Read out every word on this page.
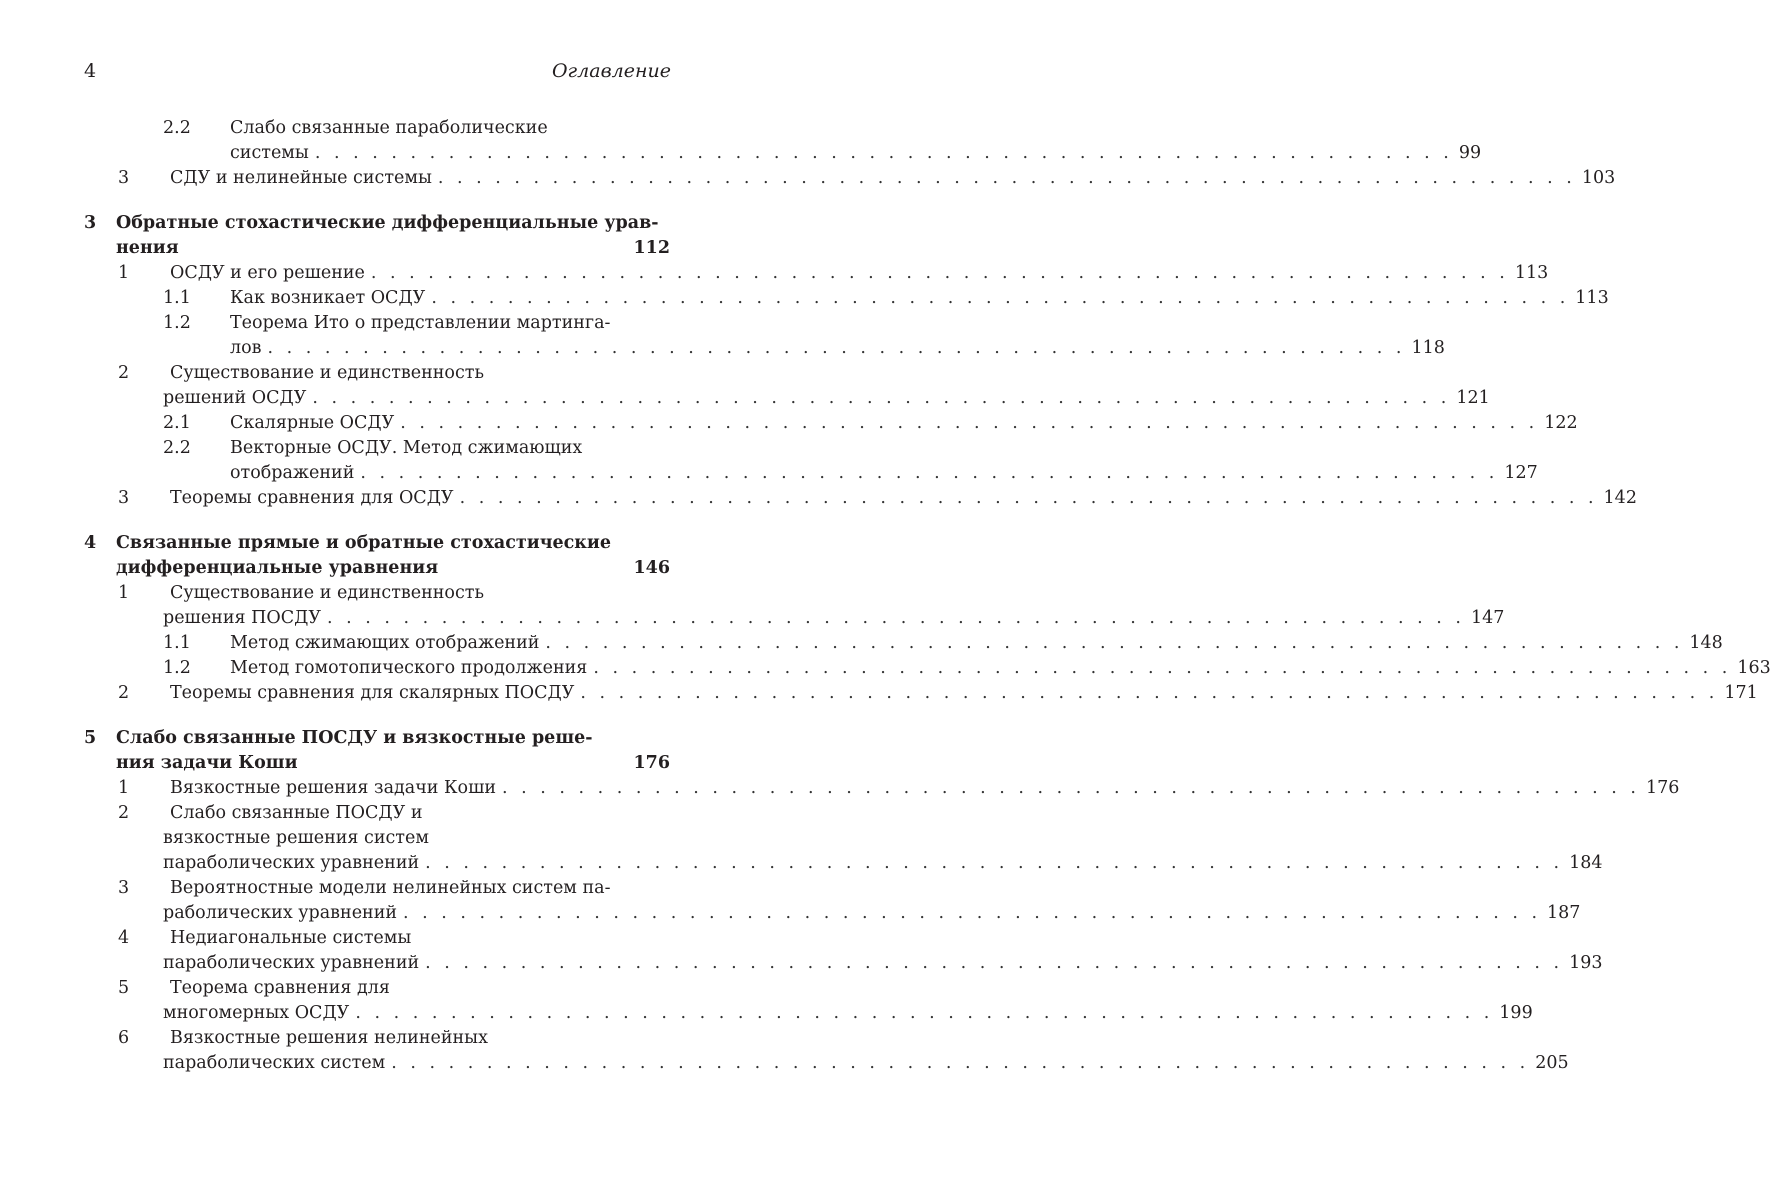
4	Оглавление
2.2 Слабо связанные параболические
системы . . . . . . . . . . . . . . . . . . . . . . . . . . . . . . . . . . . . . . . . . . . . . . . . . . . . . . . . . . . . 99
3 СДУ и нелинейные системы . . . . . . . . . . . . . . . . . . . . . . . . . . . . . . . . . . . . . . . . . . . . . . . . . . . . . . . . . . . . 103
3 Обратные стохастические дифференциальные урав-
нения	112
1 ОСДУ и его решение . . . . . . . . . . . . . . . . . . . . . . . . . . . . . . . . . . . . . . . . . . . . . . . . . . . . . . . . . . . . 113
1.1 Как возникает ОСДУ . . . . . . . . . . . . . . . . . . . . . . . . . . . . . . . . . . . . . . . . . . . . . . . . . . . . . . . . . . . . 113
1.2 Теорема Ито о представлении мартинга-
лов . . . . . . . . . . . . . . . . . . . . . . . . . . . . . . . . . . . . . . . . . . . . . . . . . . . . . . . . . . . . 118
2 Существование и единственность
решений ОСДУ . . . . . . . . . . . . . . . . . . . . . . . . . . . . . . . . . . . . . . . . . . . . . . . . . . . . . . . . . . . . 121
2.1 Скалярные ОСДУ . . . . . . . . . . . . . . . . . . . . . . . . . . . . . . . . . . . . . . . . . . . . . . . . . . . . . . . . . . . . 122
2.2 Векторные ОСДУ. Метод сжимающих
отображений . . . . . . . . . . . . . . . . . . . . . . . . . . . . . . . . . . . . . . . . . . . . . . . . . . . . . . . . . . . . 127
3 Теоремы сравнения для ОСДУ . . . . . . . . . . . . . . . . . . . . . . . . . . . . . . . . . . . . . . . . . . . . . . . . . . . . . . . . . . . . 142
4 Связанные прямые и обратные стохастические
дифференциальные уравнения	146
1 Существование и единственность
решения ПОСДУ . . . . . . . . . . . . . . . . . . . . . . . . . . . . . . . . . . . . . . . . . . . . . . . . . . . . . . . . . . . . 147
1.1 Метод сжимающих отображений . . . . . . . . . . . . . . . . . . . . . . . . . . . . . . . . . . . . . . . . . . . . . . . . . . . . . . . . . . . . 148
1.2 Метод гомотопического продолжения . . . . . . . . . . . . . . . . . . . . . . . . . . . . . . . . . . . . . . . . . . . . . . . . . . . . . . . . . . . . 163
2 Теоремы сравнения для скалярных ПОСДУ . . . . . . . . . . . . . . . . . . . . . . . . . . . . . . . . . . . . . . . . . . . . . . . . . . . . . . . . . . . . 171
5 Слабо связанные ПОСДУ и вязкостные реше-
ния задачи Коши	176
1 Вязкостные решения задачи Коши . . . . . . . . . . . . . . . . . . . . . . . . . . . . . . . . . . . . . . . . . . . . . . . . . . . . . . . . . . . . 176
2 Слабо связанные ПОСДУ и
вязкостные решения систем
параболических уравнений . . . . . . . . . . . . . . . . . . . . . . . . . . . . . . . . . . . . . . . . . . . . . . . . . . . . . . . . . . . . 184
3 Вероятностные модели нелинейных систем па-
раболических уравнений . . . . . . . . . . . . . . . . . . . . . . . . . . . . . . . . . . . . . . . . . . . . . . . . . . . . . . . . . . . . 187
4 Недиагональные системы
параболических уравнений . . . . . . . . . . . . . . . . . . . . . . . . . . . . . . . . . . . . . . . . . . . . . . . . . . . . . . . . . . . . 193
5 Теорема сравнения для
многомерных ОСДУ . . . . . . . . . . . . . . . . . . . . . . . . . . . . . . . . . . . . . . . . . . . . . . . . . . . . . . . . . . . . 199
6 Вязкостные решения нелинейных
параболических систем . . . . . . . . . . . . . . . . . . . . . . . . . . . . . . . . . . . . . . . . . . . . . . . . . . . . . . . . . . . . 205
